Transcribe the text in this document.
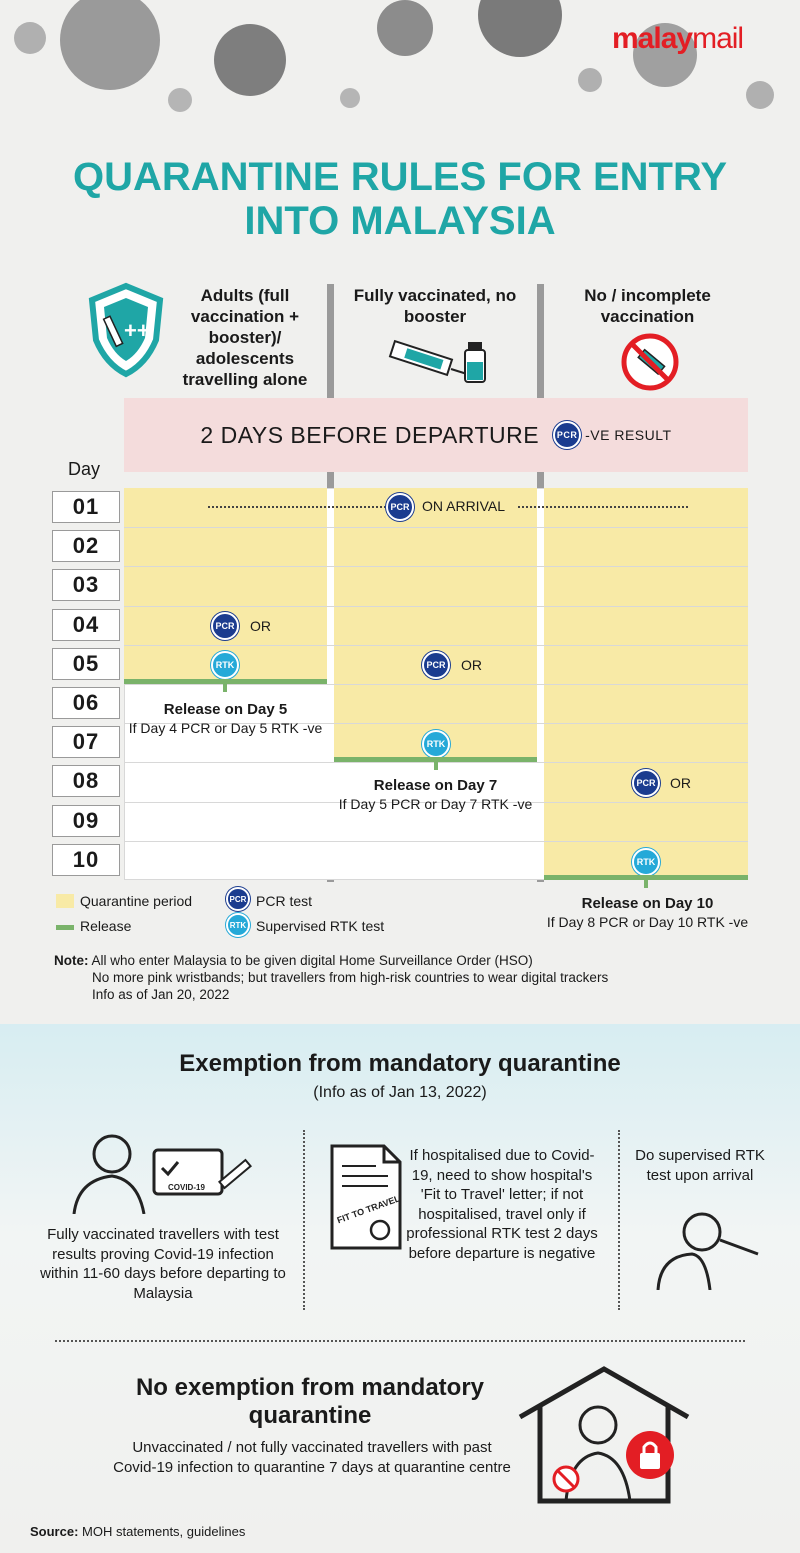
malaymail
QUARANTINE RULES FOR ENTRY
INTO MALAYSIA
++
Adults (full vaccination + booster)/ adolescents travelling alone
Fully vaccinated, no booster
No / incomplete vaccination
2 DAYS BEFORE DEPARTURE PCR -VE RESULT
Day
01
02
03
04
05
06
07
08
09
10
PCR ON ARRIVAL
PCR OR
RTK
Release on Day 5
If Day 4 PCR or Day 5 RTK -ve
PCR OR
RTK
Release on Day 7
If Day 5 PCR or Day 7 RTK -ve
PCR OR
RTK
Release on Day 10
If Day 8 PCR or Day 10 RTK -ve
Quarantine period
Release
PCR PCR test
RTK Supervised RTK test
Note: All who enter Malaysia to be given digital Home Surveillance Order (HSO)
No more pink wristbands; but travellers from high-risk countries to wear digital trackers
Info as of Jan 20, 2022
Exemption from mandatory quarantine
(Info as of Jan 13, 2022)
COVID-19
Fully vaccinated travellers with test results proving Covid-19 infection within 11-60 days before departing to Malaysia
FIT TO TRAVEL
If hospitalised due to Covid-19, need to show hospital's 'Fit to Travel' letter; if not hospitalised, travel only if professional RTK test 2 days before departure is negative
Do supervised RTK test upon arrival
No exemption from mandatory quarantine
Unvaccinated / not fully vaccinated travellers with past Covid-19 infection to quarantine 7 days at quarantine centre
Source: MOH statements, guidelines
